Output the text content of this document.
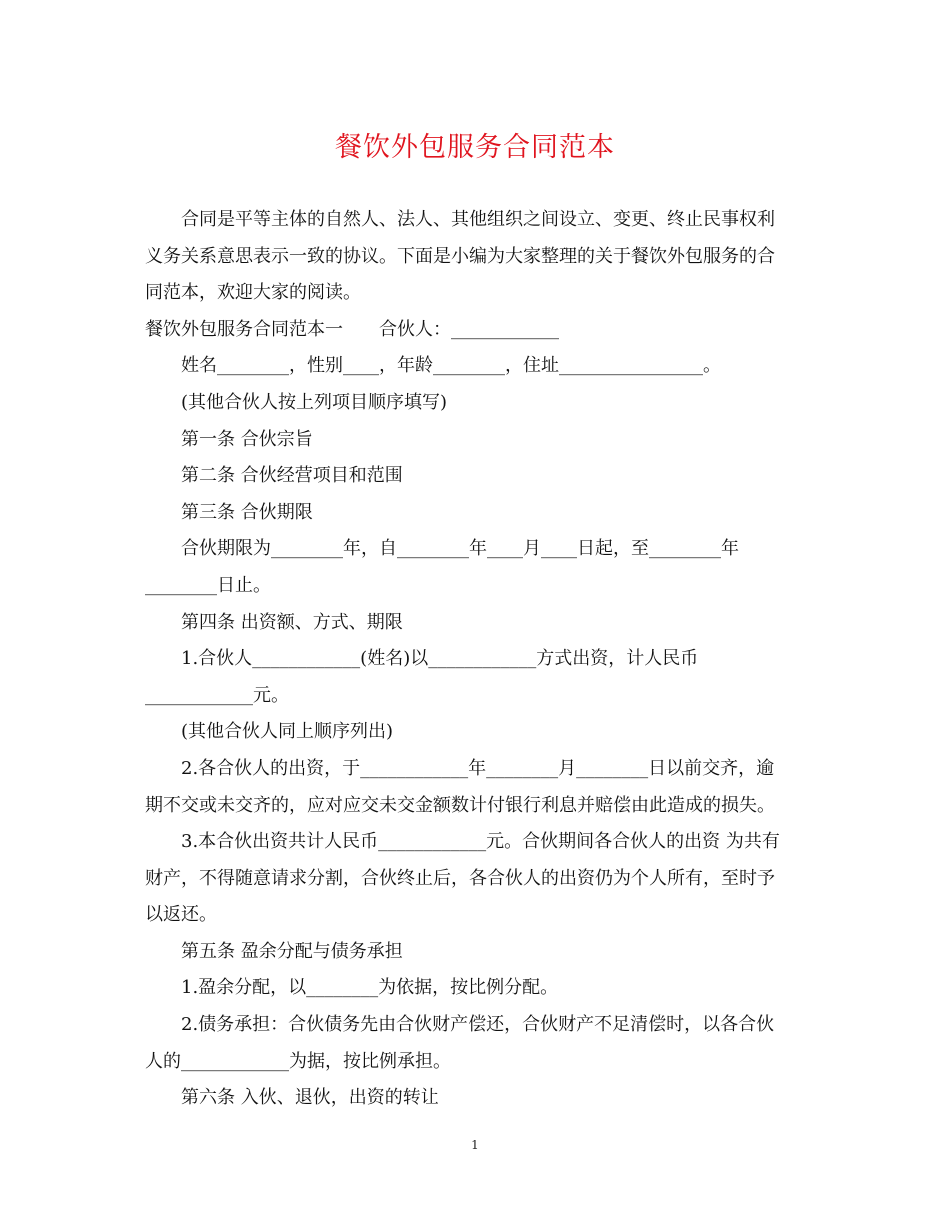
餐饮外包服务合同范本

合同是平等主体的自然人、法人、其他组织之间设立、变更、终止民事权利

义务关系意思表示一致的协议。下面是小编为大家整理的关于餐饮外包服务的合

同范本，欢迎大家的阅读。

餐饮外包服务合同范本一　　合伙人：____________

姓名________，性别____，年龄________，住址________________。

(其他合伙人按上列项目顺序填写)

第一条 合伙宗旨

第二条 合伙经营项目和范围

第三条 合伙期限

合伙期限为________年，自________年____月____日起，至________年

________日止。

第四条 出资额、方式、期限

1.合伙人____________(姓名)以____________方式出资，计人民币

____________元。

(其他合伙人同上顺序列出)

2.各合伙人的出资，于____________年________月________日以前交齐，逾

期不交或未交齐的，应对应交未交金额数计付银行利息并赔偿由此造成的损失。

3.本合伙出资共计人民币____________元。合伙期间各合伙人的出资 为共有

财产，不得随意请求分割，合伙终止后，各合伙人的出资仍为个人所有，至时予

以返还。

第五条 盈余分配与债务承担

1.盈余分配，以________为依据，按比例分配。

2.债务承担：合伙债务先由合伙财产偿还，合伙财产不足清偿时，以各合伙

人的____________为据，按比例承担。

第六条 入伙、退伙，出资的转让

1
